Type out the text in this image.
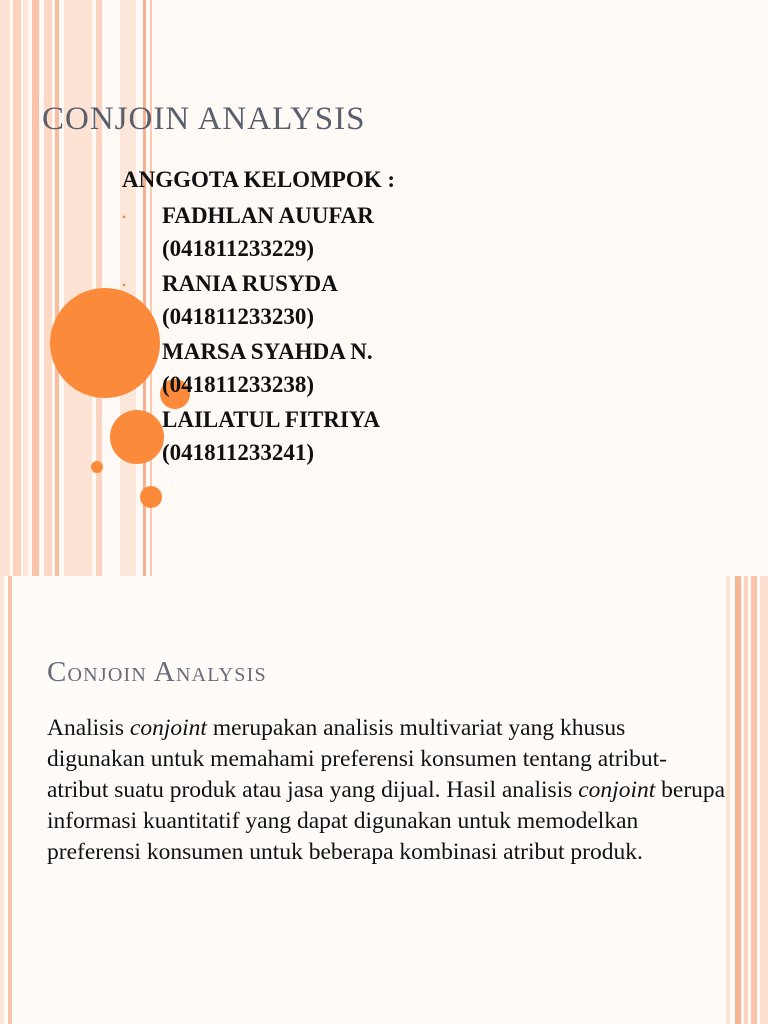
CONJOIN ANALYSIS
ANGGOTA KELOMPOK :
• FADHLAN AUUFAR
(041811233229)
• RANIA RUSYDA
(041811233230)
• MARSA SYAHDA N.
(041811233238)
• LAILATUL FITRIYA
(041811233241)
Conjoin Analysis
Analisis conjoint merupakan analisis multivariat yang khusus digunakan untuk memahami preferensi konsumen tentang atribut-atribut suatu produk atau jasa yang dijual. Hasil analisis conjoint berupa informasi kuantitatif yang dapat digunakan untuk memodelkan preferensi konsumen untuk beberapa kombinasi atribut produk.
